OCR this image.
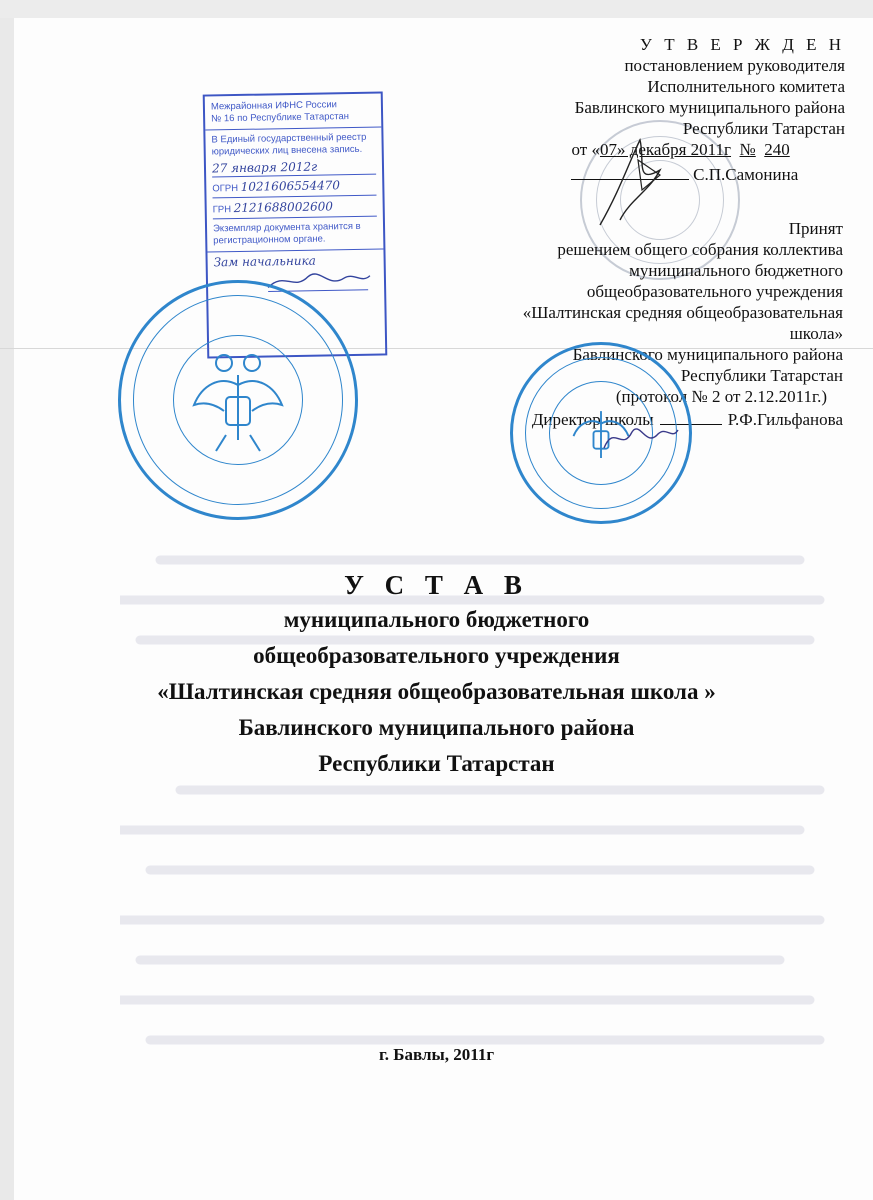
У Т В Е Р Ж Д Е Н
постановлением руководителя
Исполнительного комитета
Бавлинского муниципального района
Республики Татарстан
от «07» декабря 2011г № 240
С.П.Самонина
Межрайонная ИФНС России
№ 16 по Республике Татарстан
В Единый государственный реестр
юридических лиц внесена запись.
27 января 2012г
ОГРН 1021606554470
ГРН 2121688002600
Экземпляр документа хранится в
регистрационном органе.
Зам начальника
Принят
решением общего собрания коллектива
муниципального бюджетного
общеобразовательного учреждения
«Шалтинская средняя общеобразовательная
школа»
Бавлинского муниципального района
Республики Татарстан
(протокол № 2 от 2.12.2011г.)
Директор школы	Р.Ф.Гильфанова
У С Т А В
муниципального бюджетного
общеобразовательного учреждения
«Шалтинская средняя общеобразовательная школа »
Бавлинского муниципального района
Республики Татарстан
г. Бавлы, 2011г
